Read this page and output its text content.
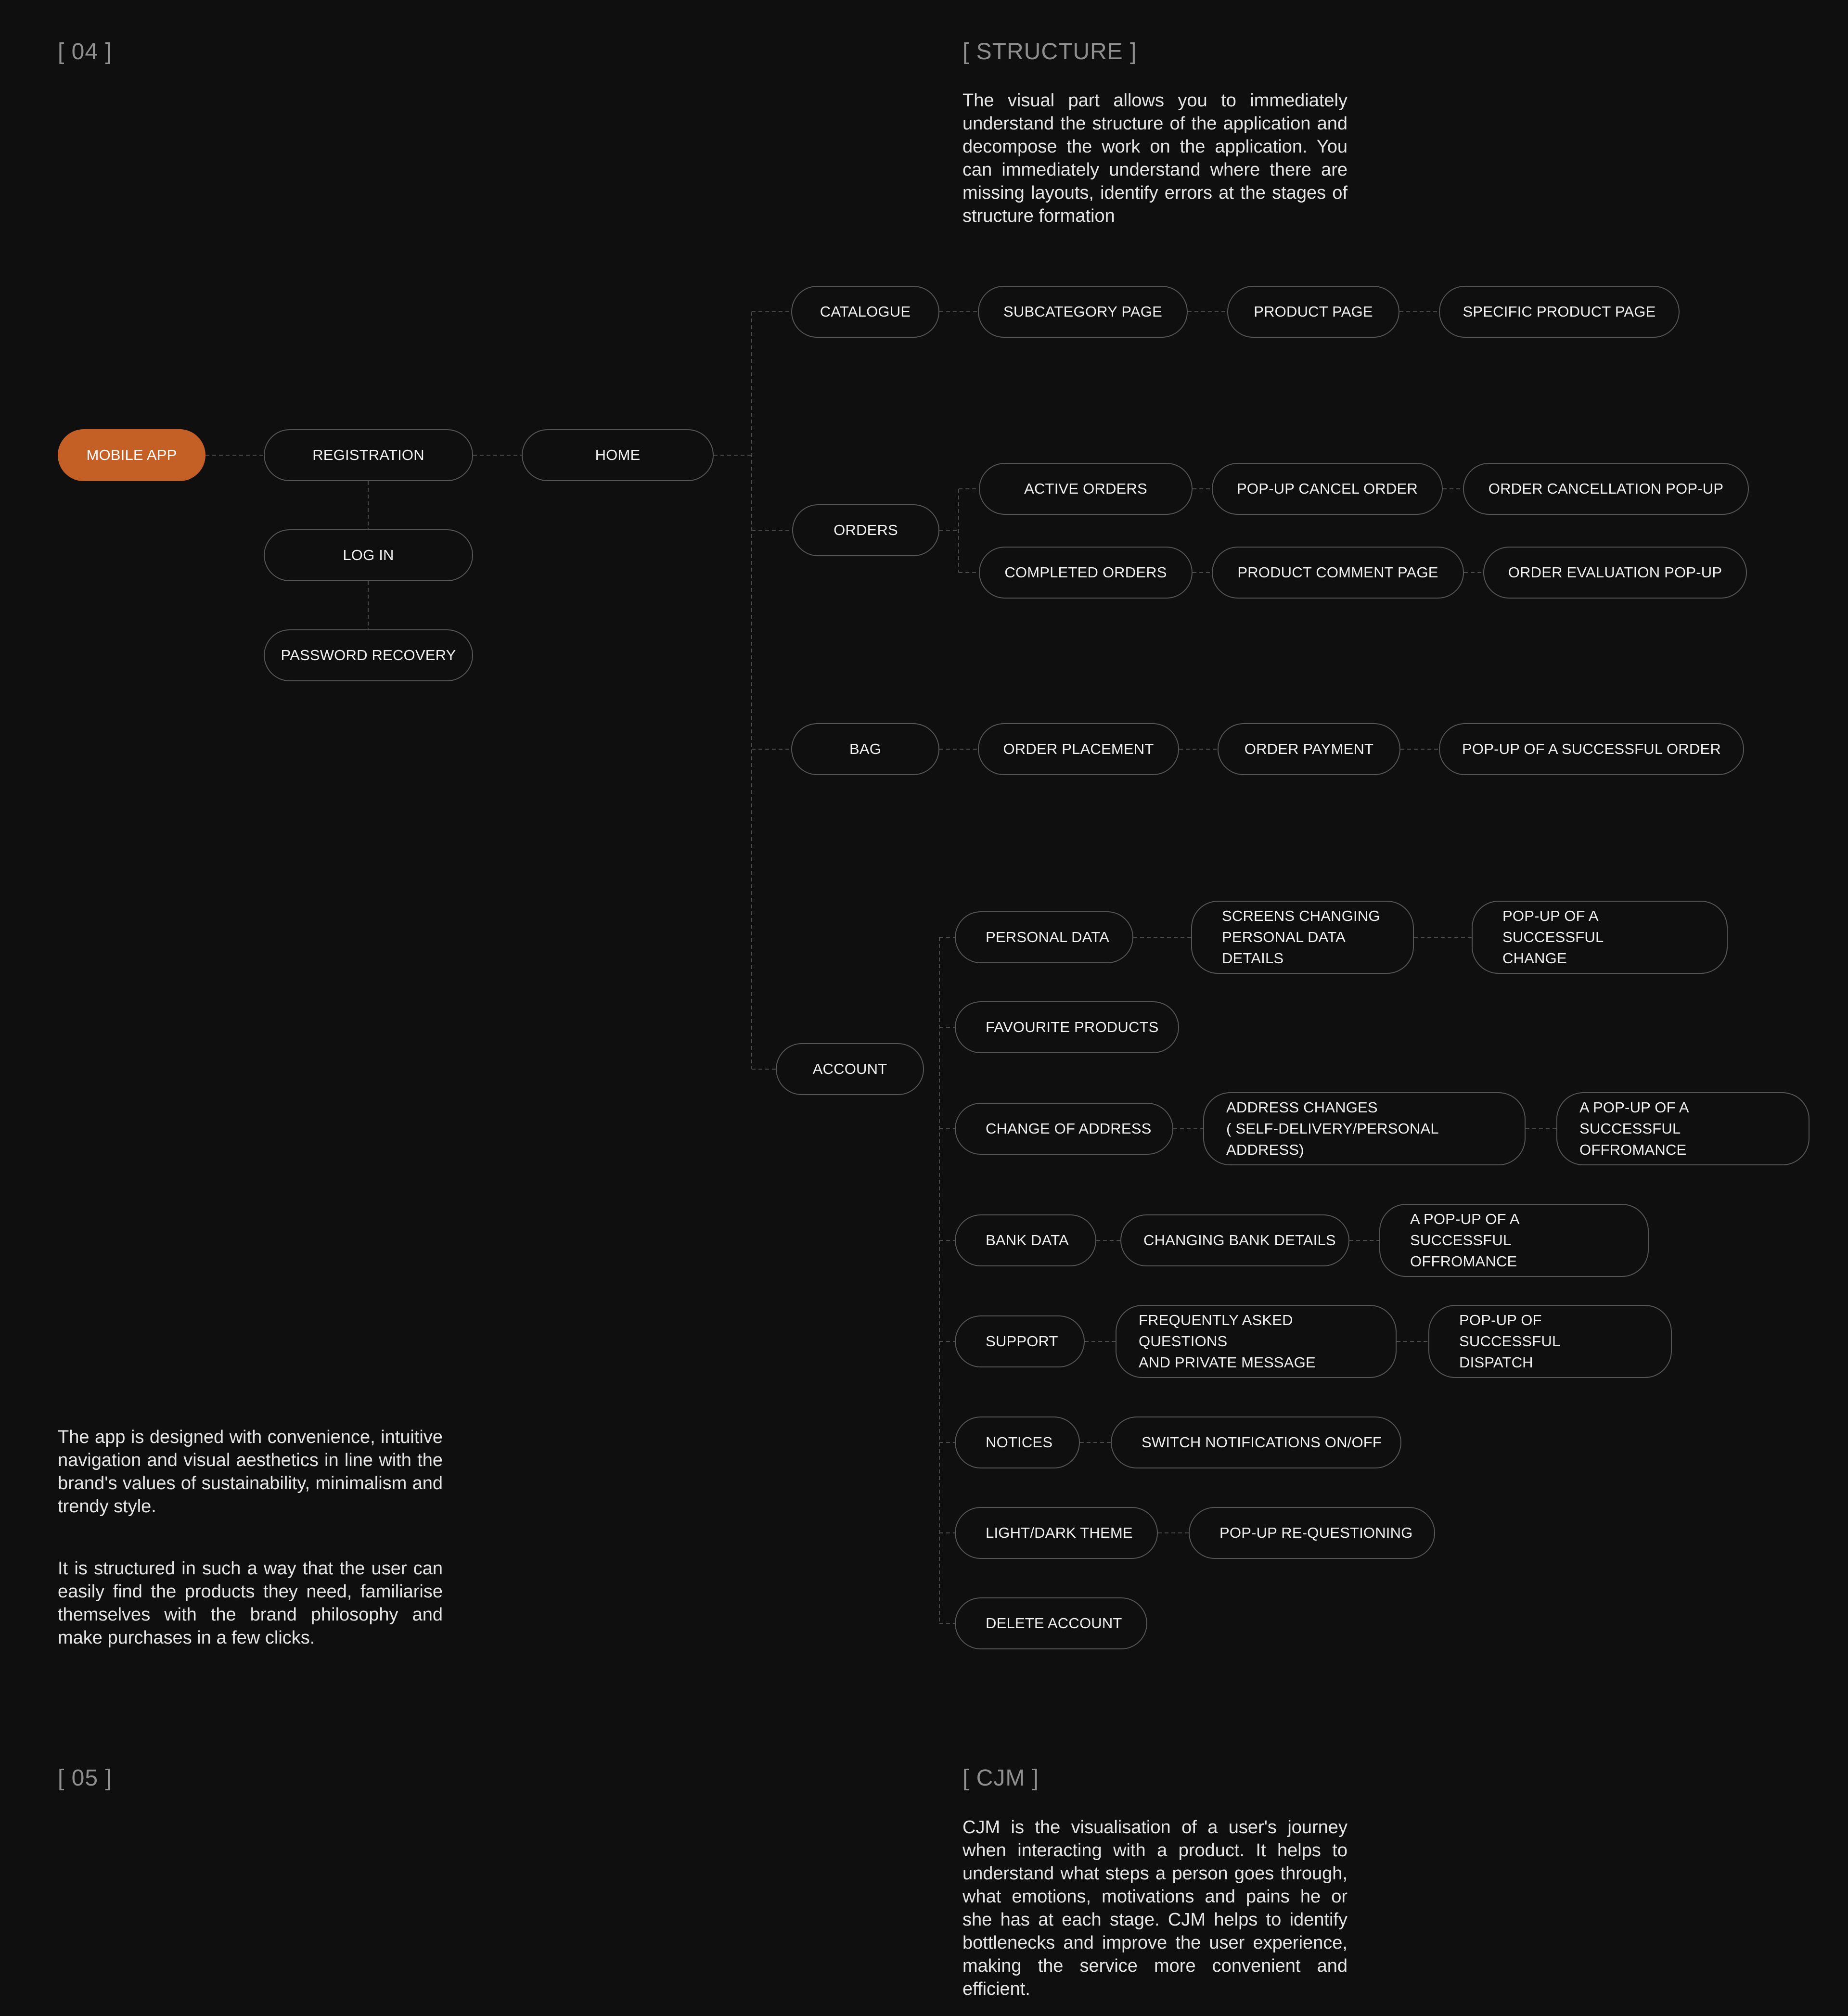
[ 04 ]	[ STRUCTURE ]

The visual part allows you to immediately understand the structure of the application and decompose the work on the application. You can immediately understand where there are missing layouts, identify errors at the stages of structure formation

MOBILE APP	REGISTRATION
LOG IN
PASSWORD RECOVERY
HOME
CATALOGUE	SUBCATEGORY PAGE	PRODUCT PAGE	SPECIFIC PRODUCT PAGE
ORDERS
ACTIVE ORDERS	POP-UP CANCEL ORDER	ORDER CANCELLATION POP-UP
COMPLETED ORDERS	PRODUCT COMMENT PAGE	ORDER EVALUATION POP-UP
BAG	ORDER PLACEMENT	ORDER PAYMENT	POP-UP OF A SUCCESSFUL ORDER
ACCOUNT
PERSONAL DATA
SCREENS CHANGING
PERSONAL DATA DETAILS
POP-UP OF A SUCCESSFUL
CHANGE
FAVOURITE PRODUCTS
CHANGE OF ADDRESS
ADDRESS CHANGES
( SELF-DELIVERY/PERSONAL ADDRESS)
A POP-UP OF A SUCCESSFUL
OFFROMANCE
BANK DATA	CHANGING BANK DETAILS
A POP-UP OF A SUCCESSFUL
OFFROMANCE
SUPPORT
FREQUENTLY ASKED QUESTIONS
AND PRIVATE MESSAGE
POP-UP OF SUCCESSFUL
DISPATCH
NOTICES	SWITCH NOTIFICATIONS ON/OFF
LIGHT/DARK THEME	POP-UP RE-QUESTIONING
DELETE ACCOUNT

The app is designed with convenience, intuitive navigation and visual aesthetics in line with the brand's values of sustainability, minimalism and trendy style.

It is structured in such a way that the user can easily find the products they need, familiarise themselves with the brand philosophy and make purchases in a few clicks.

[ 05 ]	[ CJM ]

CJM is the visualisation of a user's journey when interacting with a product. It helps to understand what steps a person goes through, what emotions, motivations and pains he or she has at each stage. CJM helps to identify bottlenecks and improve the user experience, making the service more convenient and efficient.
